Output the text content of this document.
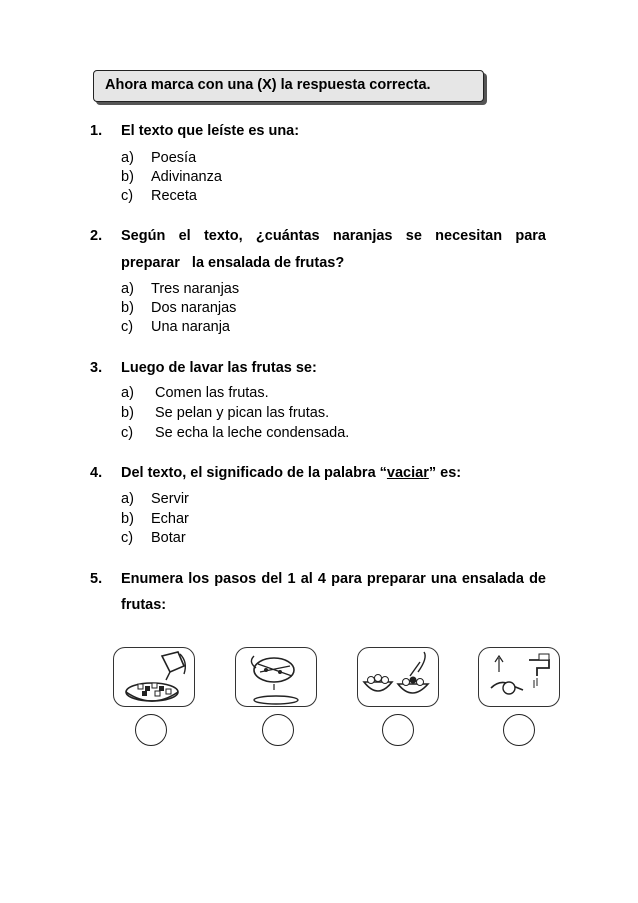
Ahora marca con una (X) la respuesta correcta.
1. El texto que leíste es una:
a) Poesía
b) Adivinanza
c) Receta
2. Según el texto, ¿cuántas naranjas se necesitan para
preparar   la ensalada de frutas?
a) Tres naranjas
b) Dos naranjas
c) Una naranja
3. Luego de lavar las frutas se:
a) Comen las frutas.
b) Se pelan y pican las frutas.
c) Se echa la leche condensada.
4. Del texto, el significado de la palabra “vaciar” es:
a) Servir
b) Echar
c) Botar
5. Enumera los pasos del 1 al 4 para preparar una ensalada de
frutas:
